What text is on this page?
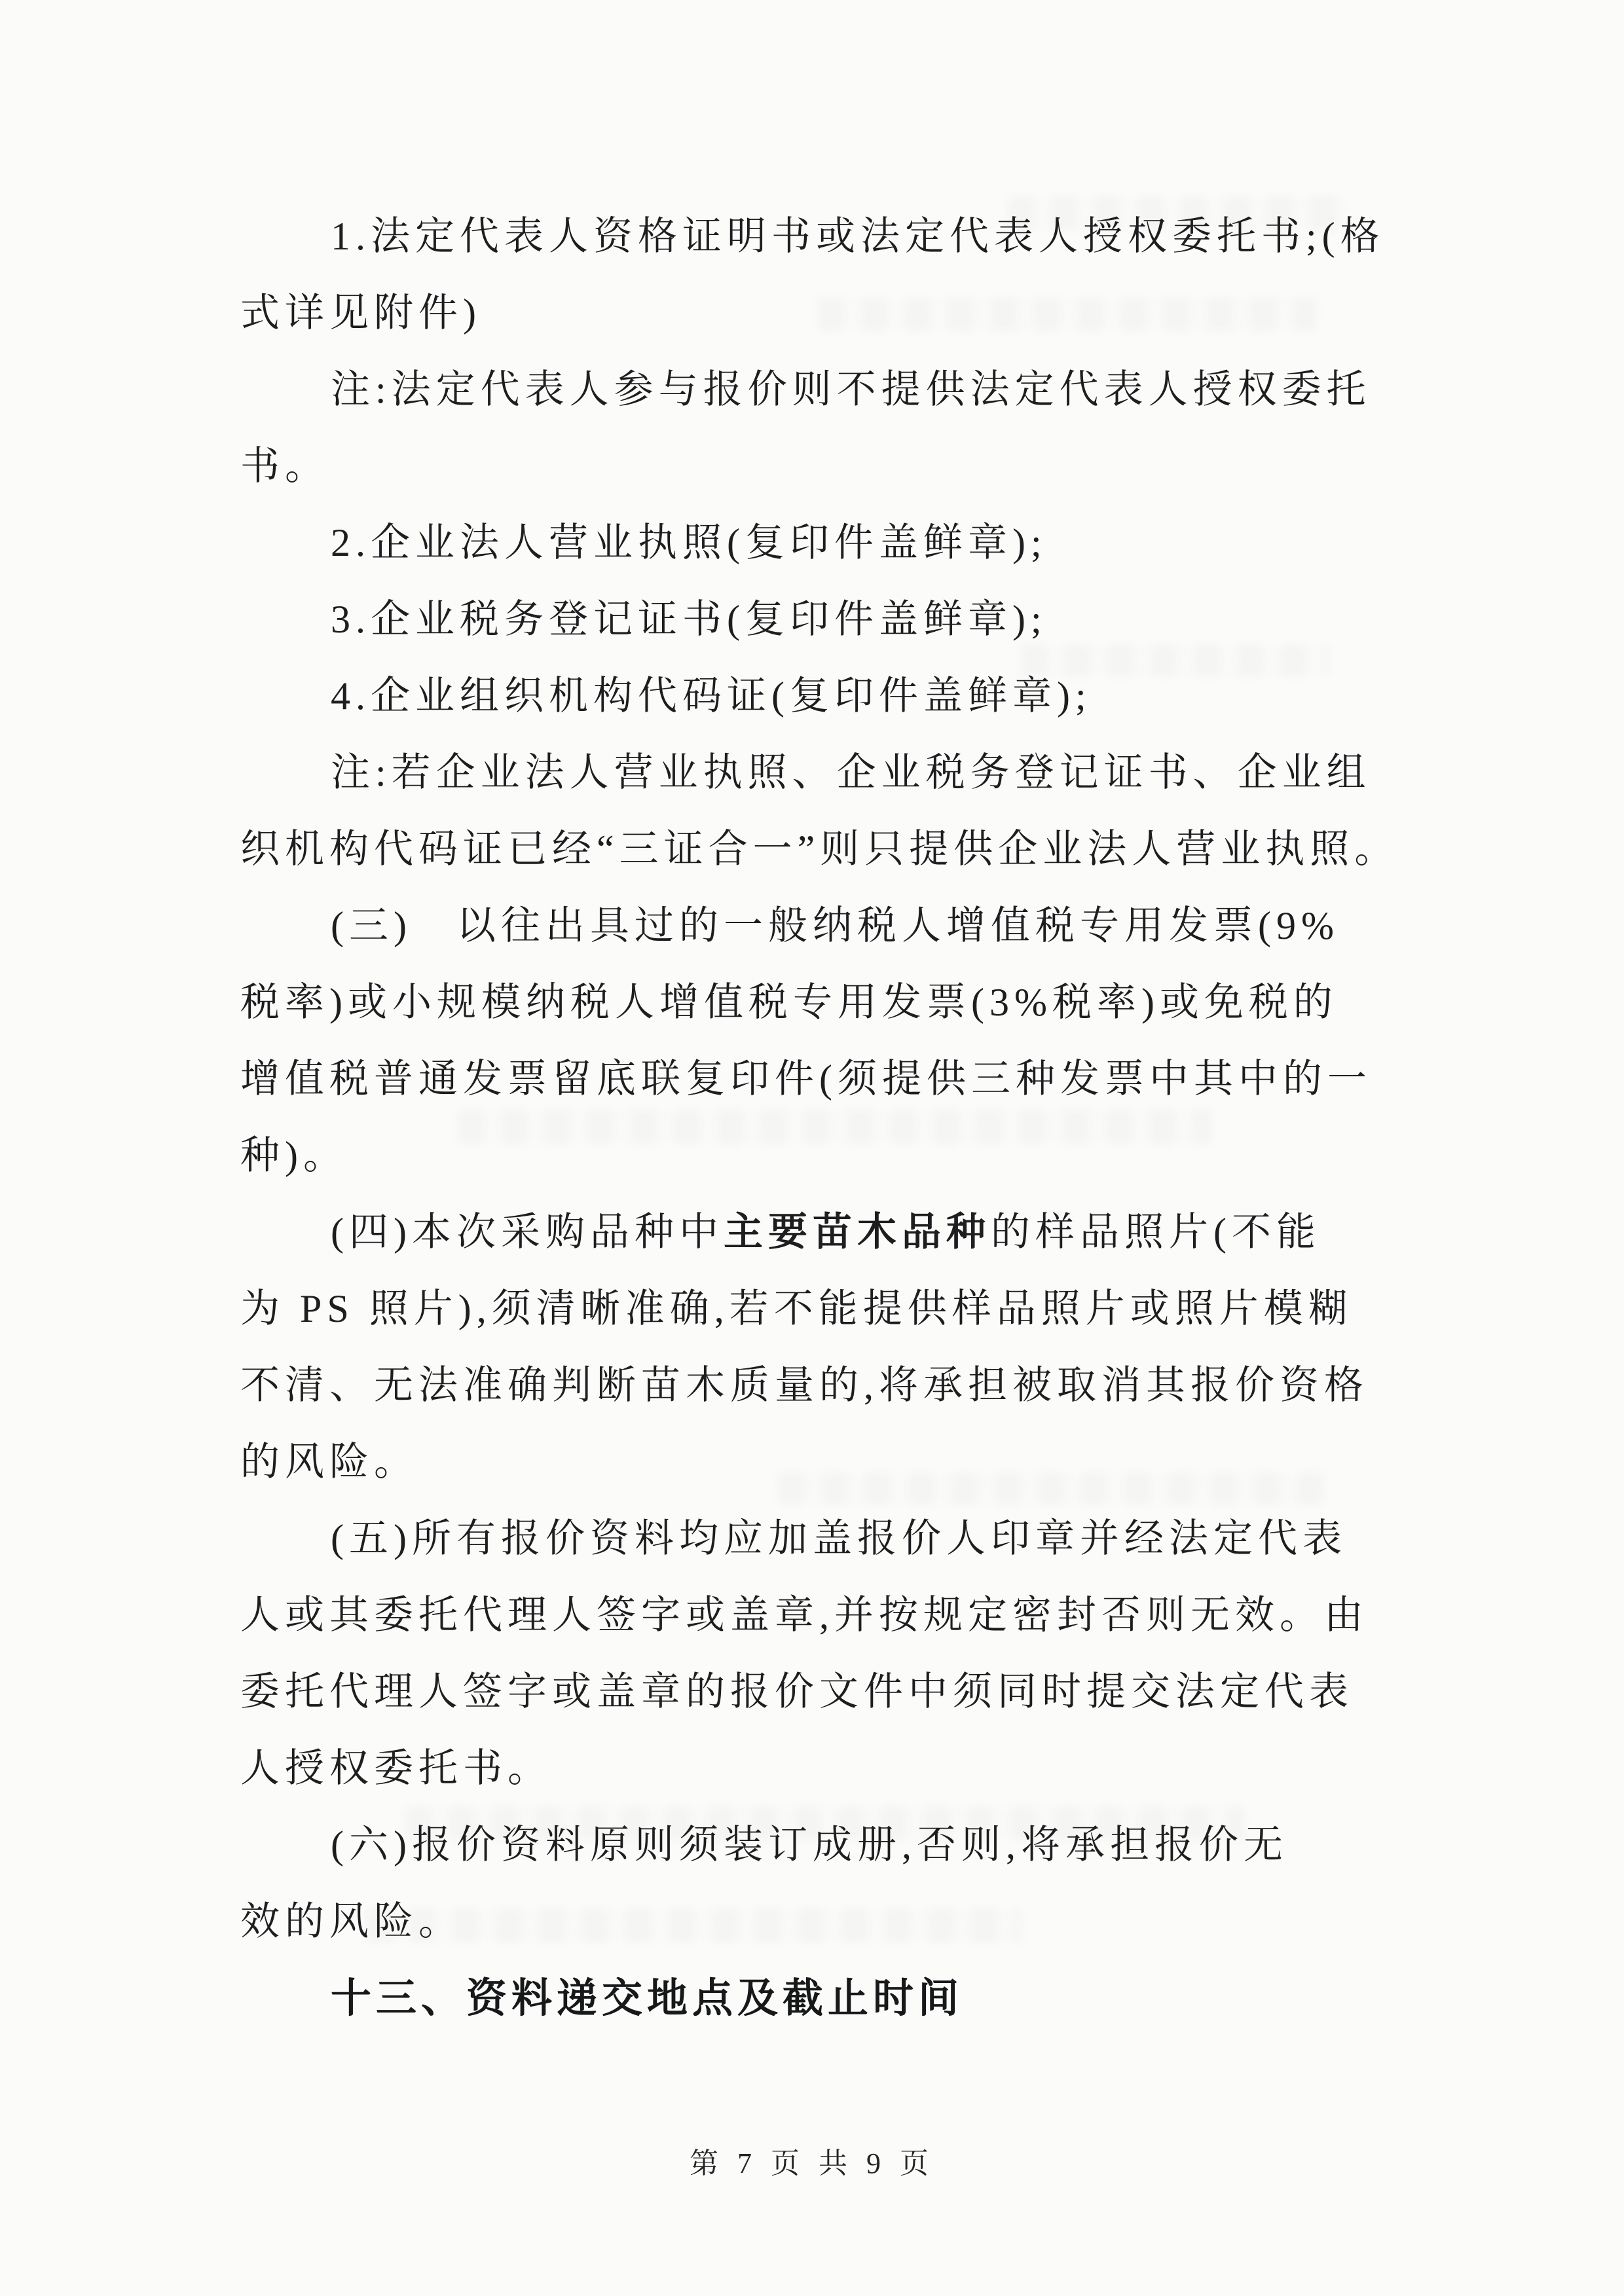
1.法定代表人资格证明书或法定代表人授权委托书;(格
式详见附件)
注:法定代表人参与报价则不提供法定代表人授权委托
书。
2.企业法人营业执照(复印件盖鲜章);
3.企业税务登记证书(复印件盖鲜章);
4.企业组织机构代码证(复印件盖鲜章);
注:若企业法人营业执照、企业税务登记证书、企业组
织机构代码证已经“三证合一”则只提供企业法人营业执照。
(三)　以往出具过的一般纳税人增值税专用发票(9%
税率)或小规模纳税人增值税专用发票(3%税率)或免税的
增值税普通发票留底联复印件(须提供三种发票中其中的一
种)。
(四)本次采购品种中主要苗木品种的样品照片(不能
为 PS 照片),须清晰准确,若不能提供样品照片或照片模糊
不清、无法准确判断苗木质量的,将承担被取消其报价资格
的风险。
(五)所有报价资料均应加盖报价人印章并经法定代表
人或其委托代理人签字或盖章,并按规定密封否则无效。由
委托代理人签字或盖章的报价文件中须同时提交法定代表
人授权委托书。
(六)报价资料原则须装订成册,否则,将承担报价无
效的风险。
十三、资料递交地点及截止时间
第 7 页 共 9 页
